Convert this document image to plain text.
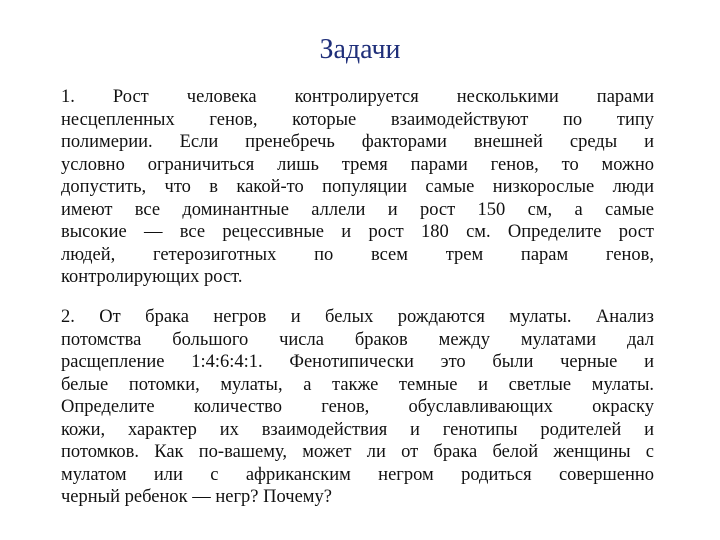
Задачи
1. Рост человека контролируется несколькими парами
несцепленных генов, которые взаимодействуют по типу
полимерии. Если пренебречь факторами внешней среды и
условно ограничиться лишь тремя парами генов, то можно
допустить, что в какой-то популяции самые низкорослые люди
имеют все доминантные аллели и рост 150 см, а самые
высокие — все рецессивные и рост 180 см. Определите рост
людей, гетерозиготных по всем трем парам генов,
контролирующих рост.
2. От брака негров и белых рождаются мулаты. Анализ
потомства большого числа браков между мулатами дал
расщепление 1:4:6:4:1. Фенотипически это были черные и
белые потомки, мулаты, а также темные и светлые мулаты.
Определите количество генов, обуславливающих окраску
кожи, характер их взаимодействия и генотипы родителей и
потомков. Как по-вашему, может ли от брака белой женщины с
мулатом или с африканским негром родиться совершенно
черный ребенок — негр? Почему?
